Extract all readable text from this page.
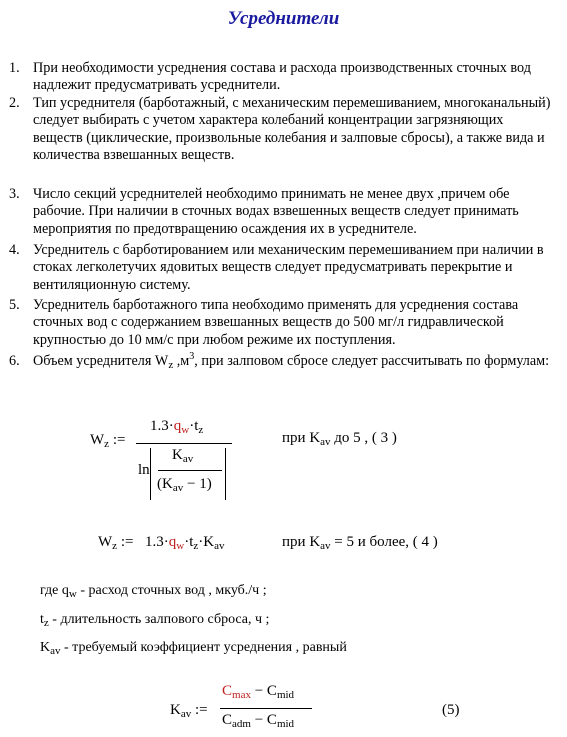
Усреднители
1. При необходимости усреднения состава и расхода производственных сточных вод надлежит предусматривать усреднители.
2. Тип усреднителя (барботажный, с механическим перемешиванием, многоканальный) следует выбирать с учетом характера колебаний концентрации загрязняющих веществ (циклические, произвольные колебания и залповые сбросы), а также вида и количества взвешанных веществ.
3. Число секций усреднителей необходимо принимать не менее двух ,причем обе рабочие. При наличии в сточных водах взвешенных веществ следует принимать мероприятия по предотвращению осаждения их в усреднителе.
4. Усреднитель с барботированием или механическим перемешиванием при наличии в стоках легколетучих ядовитых веществ следует предусматривать перекрытие и вентиляционную систему.
5. Усреднитель барботажного типа необходимо применять для усреднения состава сточных вод с содержанием взвешанных веществ до 500 мг/л гидравлической крупностью до 10 мм/с при любом режиме их поступления.
6. Объем усреднителя $W_z$ $,м^3$, при залповом сбросе следует рассчитывать по формулам:
$W_z$ :=
$1.3\cdot q_w\cdot t_z$
ln
$K_{av}$
$(K_{av} - 1)$
при $K_{av}$ до 5 , ( 3 )
$W_z$ := $1.3\cdot q_w\cdot t_z\cdot K_{av}$	при $K_{av} = 5$ и более, ( 4 )
где $q_w$ - расход сточных вод , мкуб./ч ;
$t_z$ - длительность залпового сброса, ч ;
$K_{av}$ - требуемый коэффициент усреднения , равный
$K_{av}$ :=
$C_{max} - C_{mid}$
$C_{adm} - C_{mid}$
(5)
